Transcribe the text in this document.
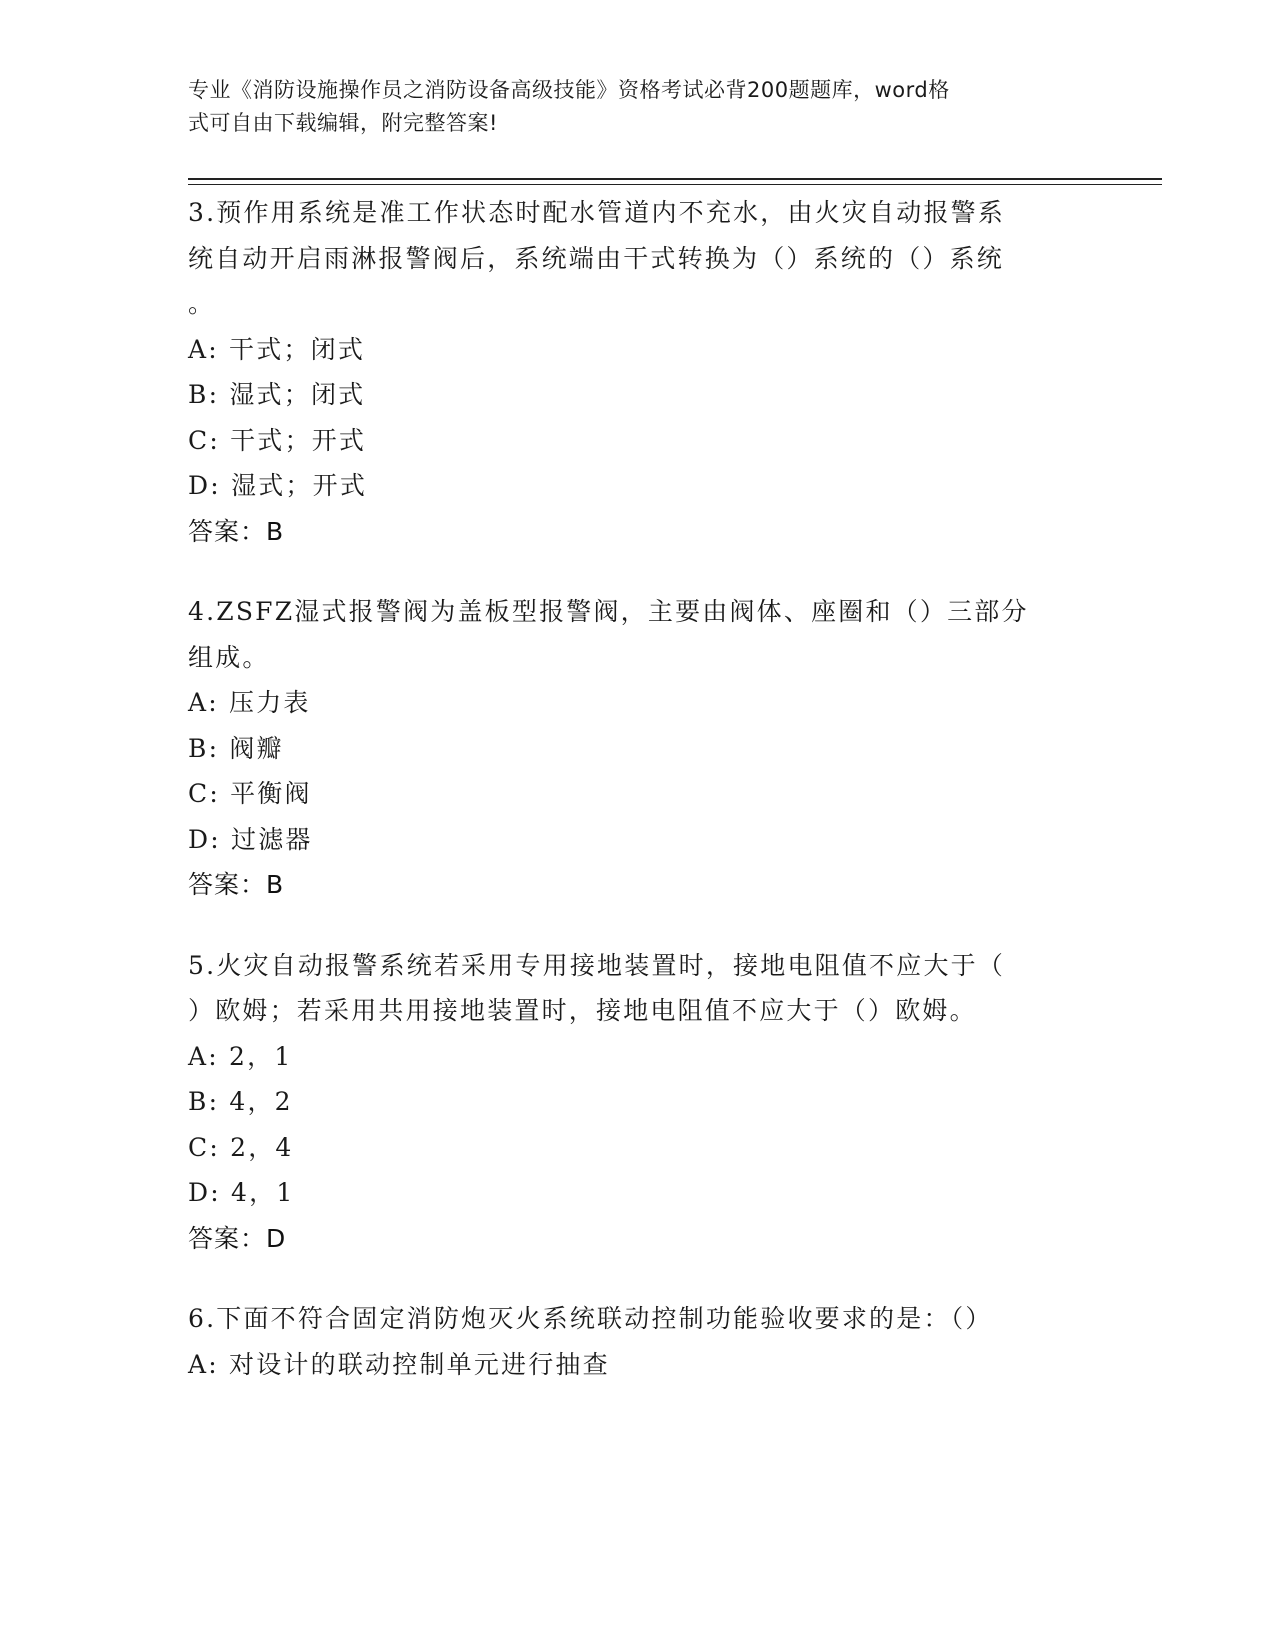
专业《消防设施操作员之消防设备高级技能》资格考试必背200题题库，word格
式可自由下载编辑，附完整答案!
3.预作用系统是准工作状态时配水管道内不充水，由火灾自动报警系
统自动开启雨淋报警阀后，系统端由干式转换为（）系统的（）系统
。
A: 干式；闭式
B: 湿式；闭式
C: 干式；开式
D: 湿式；开式
答案：B
4.ZSFZ湿式报警阀为盖板型报警阀，主要由阀体、座圈和（）三部分
组成。
A: 压力表
B: 阀瓣
C: 平衡阀
D: 过滤器
答案：B
5.火灾自动报警系统若采用专用接地装置时，接地电阻值不应大于（
）欧姆；若采用共用接地装置时，接地电阻值不应大于（）欧姆。
A: 2，1
B: 4，2
C: 2，4
D: 4，1
答案：D
6.下面不符合固定消防炮灭火系统联动控制功能验收要求的是：（）
A: 对设计的联动控制单元进行抽查
